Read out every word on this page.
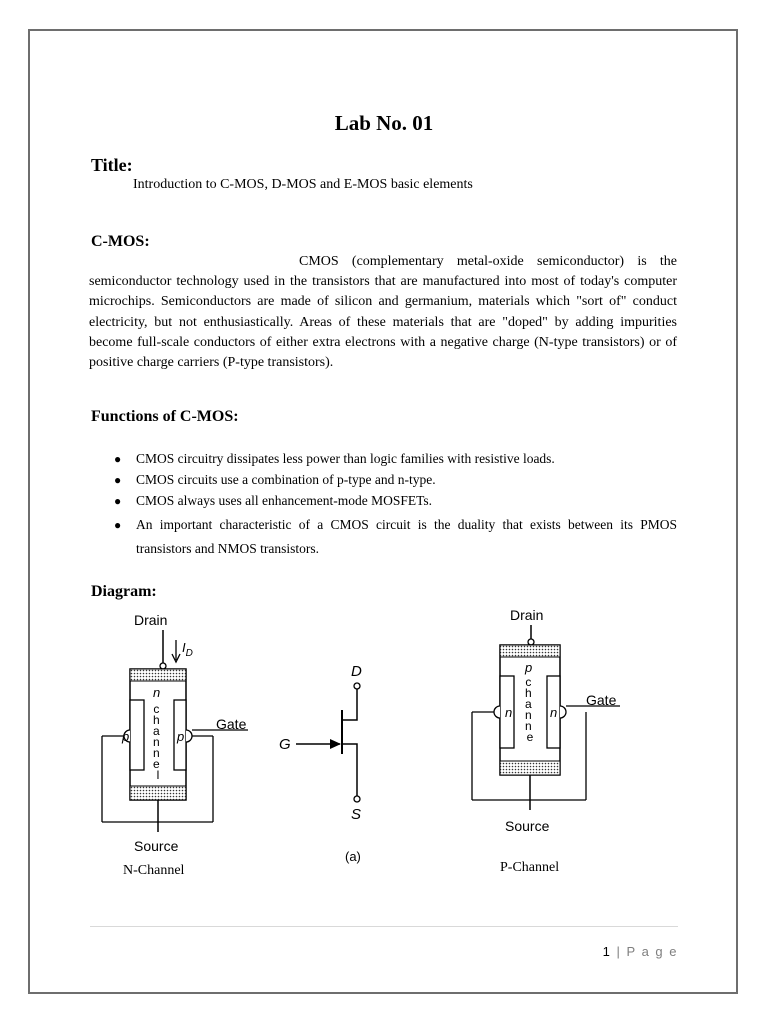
Lab No. 01
Title:
Introduction to C-MOS, D-MOS and E-MOS basic elements
C-MOS:

CMOS (complementary metal-oxide semiconductor) is the semiconductor technology used in the transistors that are manufactured into most of today's computer microchips. Semiconductors are made of silicon and germanium, materials which "sort of" conduct electricity, but not enthusiastically. Areas of these materials that are "doped" by adding impurities become full-scale conductors of either extra electrons with a negative charge (N-type transistors) or of positive charge carriers (P-type transistors).

Functions of C-MOS:
● CMOS circuitry dissipates less power than logic families with resistive loads.
● CMOS circuits use a combination of p-type and n-type.
● CMOS always uses all enhancement-mode MOSFETs.
● An important characteristic of a CMOS circuit is the duality that exists between its PMOS transistors and NMOS transistors.
Diagram:
Drain
$I_D$
n
c h a n n e l
p	p
Gate
Source
N-Channel
D
S
G
(a)
Drain
p
c h a n n e
n	n
Gate
Source
P-Channel
1 | P a g e
